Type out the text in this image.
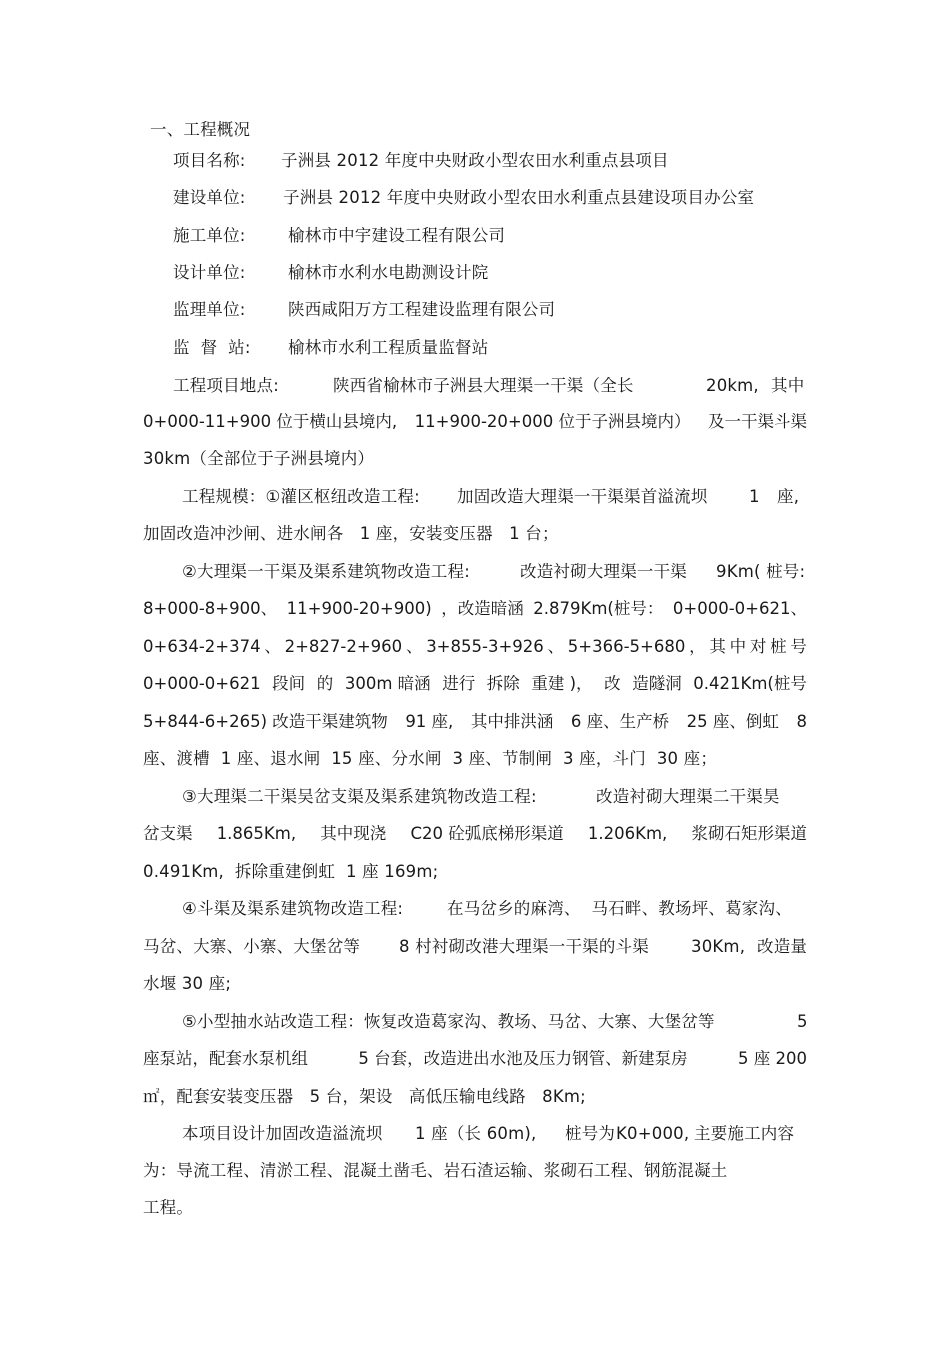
一、工程概况
项目名称: 子洲县 2012 年度中央财政小型农田水利重点县项目
建设单位: 子洲县 2012 年度中央财政小型农田水利重点县建设项目办公室
施工单位:	榆林市中宇建设工程有限公司
设计单位:	榆林市水利水电勘测设计院
监理单位:	陕西咸阳万方工程建设监理有限公司
监  督  站: 榆林市水利工程质量监督站
工程项目地点:	陕西省榆林市子洲县大理渠一干渠（全长	20km, 其中
0+000-11+900 位于横山县境内, 11+900-20+000 位于子洲县境内） 及一干渠斗渠
30km（全部位于子洲县境内）
工程规模：①灌区枢纽改造工程: 加固改造大理渠一干渠渠首溢流坝	1 座,
加固改造冲沙闸、进水闸各   1 座，安装变压器   1 台；
②大理渠一干渠及渠系建筑物改造工程:	改造衬砌大理渠一干渠 9Km( 桩号:
8+000-8+900、 11+900-20+900) ，改造暗涵 2.879Km(桩号： 0+000-0+621、
0+634-2+374 、 2+827-2+960 、 3+855-3+926 、 5+366-5+680 ， 其 中 对 桩 号
0+000-0+621 段间 的 300m 暗涵 进行 拆除 重建 )， 改 造隧洞 0.421Km(桩号
5+844-6+265) 改造干渠建筑物 91 座, 其中排洪涵 6 座、生产桥 25 座、倒虹 8
座、渡槽  1 座、退水闸  15 座、分水闸  3 座、节制闸  3 座，斗门  30 座；
③大理渠二干渠吴岔支渠及渠系建筑物改造工程:	改造衬砌大理渠二干渠昊
岔支渠 1.865Km, 其中现浇 C20 砼弧底梯形渠道 1.206Km, 浆砌石矩形渠道
0.491Km,  拆除重建倒虹  1 座 169m;
④斗渠及渠系建筑物改造工程:	在马岔乡的麻湾、  马石畔、教场坪、葛家沟、
马岔、大寨、小寨、大堡岔等 8 村衬砌改港大理渠一干渠的斗渠	30Km, 改造量
水堰 30 座;
⑤小型抽水站改造工程：恢复改造葛家沟、教场、马岔、大寨、大堡岔等	5
座泵站，配套水泵机组	5 台套，改造进出水池及压力钢管、新建泵房	5 座 200
㎡，配套安装变压器   5 台，架设   高低压输电线路   8Km;
本项目设计加固改造溢流坝 1 座（长 60m), 桩号为 K0+000, 主要施工内容
为：导流工程、清淤工程、混凝土凿毛、岩石渣运输、浆砌石工程、钢筋混凝土
工程。
